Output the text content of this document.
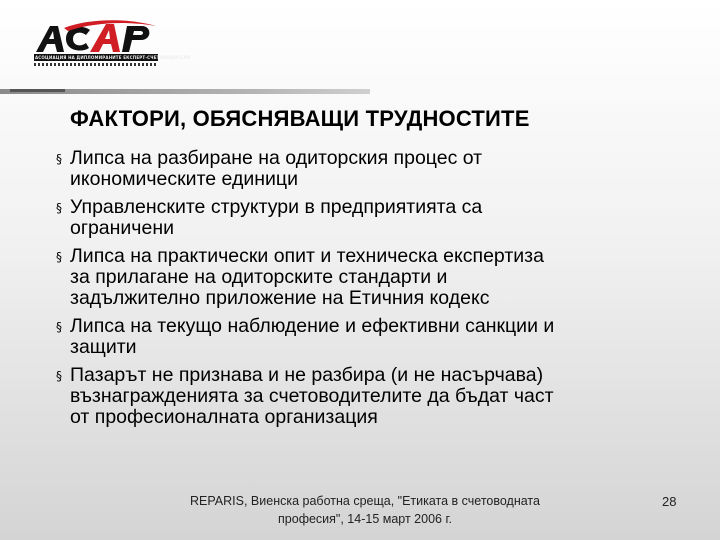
АСОЦИАЦИЯ НА ДИПЛОМИРАНИТЕ ЕКСПЕРТ-СЧЕТОВОДИТЕЛИ
ФАКТОРИ, ОБЯСНЯВАЩИ ТРУДНОСТИТЕ
§ Липса на разбиране на одиторския процес от
икономическите единици
§ Управленските структури в предприятията са
ограничени
§ Липса на практически опит и техническа експертиза
за прилагане на одиторските стандарти и
задължително приложение на Етичния кодекс
§ Липса на текущо наблюдение и ефективни санкции и
защити
§ Пазарът не признава и не разбира (и не насърчава)
възнагражденията за счетоводителите да бъдат част
от професионалната организация
REPARIS, Виенска работна среща, "Етиката в счетоводната
професия", 14-15 март 2006 г.
28
